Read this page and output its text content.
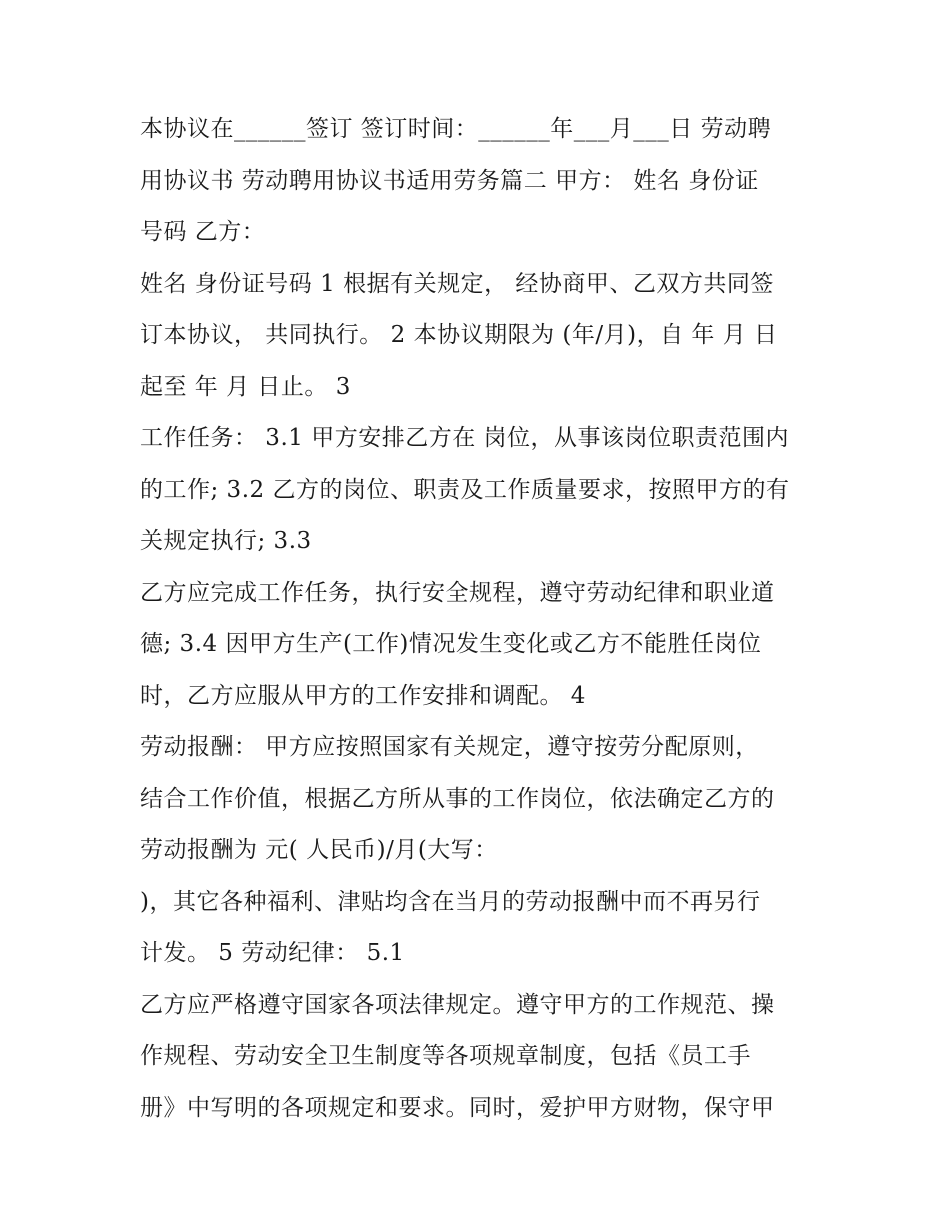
本协议在______签订 签订时间：______年___月___日 劳动聘
用协议书 劳动聘用协议书适用劳务篇二 甲方： 姓名 身份证
号码 乙方：
姓名 身份证号码 1 根据有关规定， 经协商甲、乙双方共同签
订本协议， 共同执行。 2 本协议期限为 (年/月)，自 年 月 日
起至 年 月 日止。 3
工作任务： 3.1 甲方安排乙方在 岗位，从事该岗位职责范围内
的工作; 3.2 乙方的岗位、职责及工作质量要求，按照甲方的有
关规定执行; 3.3
乙方应完成工作任务，执行安全规程，遵守劳动纪律和职业道
德; 3.4 因甲方生产(工作)情况发生变化或乙方不能胜任岗位
时，乙方应服从甲方的工作安排和调配。 4
劳动报酬： 甲方应按照国家有关规定，遵守按劳分配原则，
结合工作价值，根据乙方所从事的工作岗位，依法确定乙方的
劳动报酬为 元( 人民币)/月(大写：
)，其它各种福利、津贴均含在当月的劳动报酬中而不再另行
计发。 5 劳动纪律： 5.1
乙方应严格遵守国家各项法律规定。遵守甲方的工作规范、操
作规程、劳动安全卫生制度等各项规章制度，包括《员工手
册》中写明的各项规定和要求。同时，爱护甲方财物，保守甲
